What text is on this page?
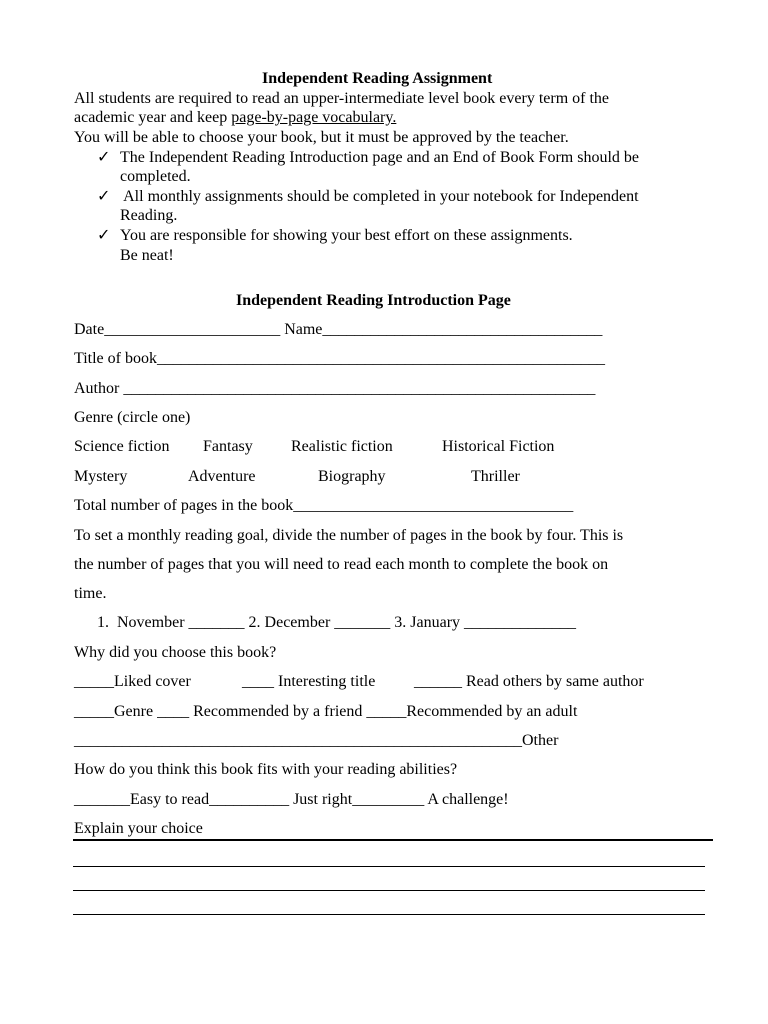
Independent Reading Assignment
All students are required to read an upper-intermediate level book every term of the
academic year and keep page-by-page vocabulary.
You will be able to choose your book, but it must be approved by the teacher.
✓ The Independent Reading Introduction page and an End of Book Form should be
completed.
✓ All monthly assignments should be completed in your notebook for Independent
Reading.
✓ You are responsible for showing your best effort on these assignments.
Be neat!
Independent Reading Introduction Page
Date______________________ Name___________________________________
Title of book________________________________________________________
Author ___________________________________________________________
Genre (circle one)
Science fiction Fantasy Realistic fiction	Historical Fiction
Mystery	Adventure	Biography	Thriller
Total number of pages in the book___________________________________
To set a monthly reading goal, divide the number of pages in the book by four. This is
the number of pages that you will need to read each month to complete the book on
time.
1.  November _______ 2. December _______ 3. January ______________
Why did you choose this book?
_____Liked cover	____ Interesting title ______ Read others by same author
_____Genre ____ Recommended by a friend _____Recommended by an adult
________________________________________________________Other
How do you think this book fits with your reading abilities?
_______Easy to read__________ Just right_________ A challenge!
Explain your choice
